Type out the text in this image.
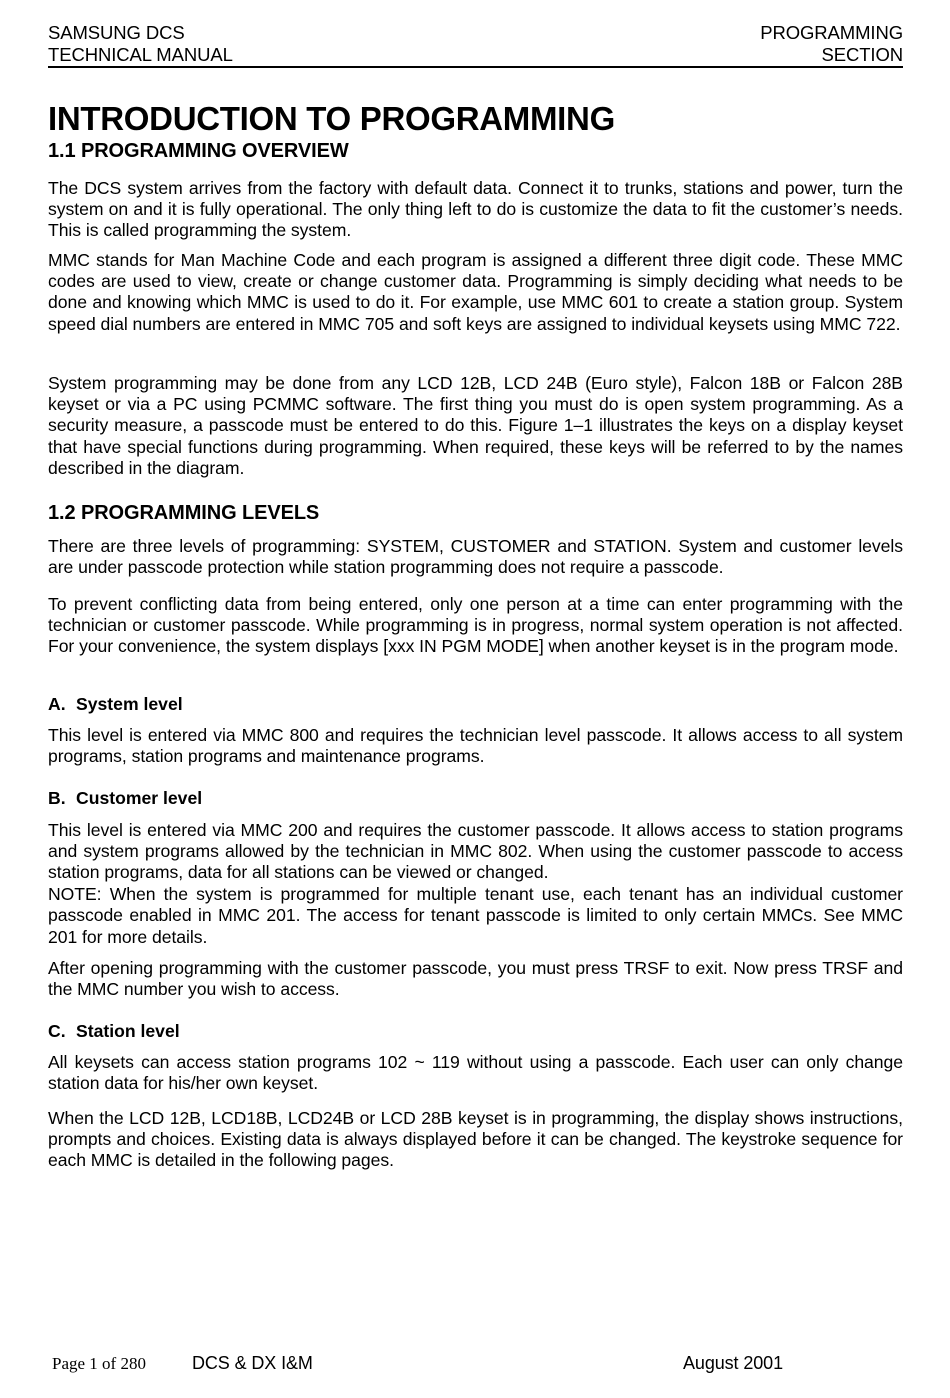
SAMSUNG DCS	PROGRAMMING
TECHNICAL MANUAL	SECTION
INTRODUCTION TO PROGRAMMING
1.1 PROGRAMMING OVERVIEW

The DCS system arrives from the factory with default data. Connect it to trunks, stations and power, turn the system on and it is fully operational. The only thing left to do is customize the data to fit the customer’s needs. This is called programming the system.

MMC stands for Man Machine Code and each program is assigned a different three digit code. These MMC codes are used to view, create or change customer data. Programming is simply deciding what needs to be done and knowing which MMC is used to do it. For example, use MMC 601 to create a station group. System speed dial numbers are entered in MMC 705 and soft keys are assigned to individual keysets using MMC 722.

System programming may be done from any LCD 12B, LCD 24B (Euro style), Falcon 18B or Falcon 28B keyset or via a PC using PCMMC software. The first thing you must do is open system programming. As a security measure, a passcode must be entered to do this. Figure 1–1 illustrates the keys on a display keyset that have special functions during programming. When required, these keys will be referred to by the names described in the diagram.

1.2 PROGRAMMING LEVELS

There are three levels of programming: SYSTEM, CUSTOMER and STATION. System and customer levels are under passcode protection while station programming does not require a passcode.

To prevent conflicting data from being entered, only one person at a time can enter programming with the technician or customer passcode. While programming is in progress, normal system operation is not affected. For your convenience, the system displays [xxx IN PGM MODE] when another keyset is in the program mode.

A. System level

This level is entered via MMC 800 and requires the technician level passcode. It allows access to all system programs, station programs and maintenance programs.

B. Customer level

This level is entered via MMC 200 and requires the customer passcode. It allows access to station programs and system programs allowed by the technician in MMC 802. When using the customer passcode to access station programs, data for all stations can be viewed or changed.
NOTE: When the system is programmed for multiple tenant use, each tenant has an individual customer passcode enabled in MMC 201. The access for tenant passcode is limited to only certain MMCs. See MMC 201 for more details.

After opening programming with the customer passcode, you must press TRSF to exit. Now press TRSF and the MMC number you wish to access.

C. Station level

All keysets can access station programs 102 ~ 119 without using a passcode. Each user can only change station data for his/her own keyset.

When the LCD 12B, LCD18B, LCD24B or LCD 28B keyset is in programming, the display shows instructions, prompts and choices. Existing data is always displayed before it can be changed. The keystroke sequence for each MMC is detailed in the following pages.

Page 1 of 280	DCS & DX I&M	August 2001
